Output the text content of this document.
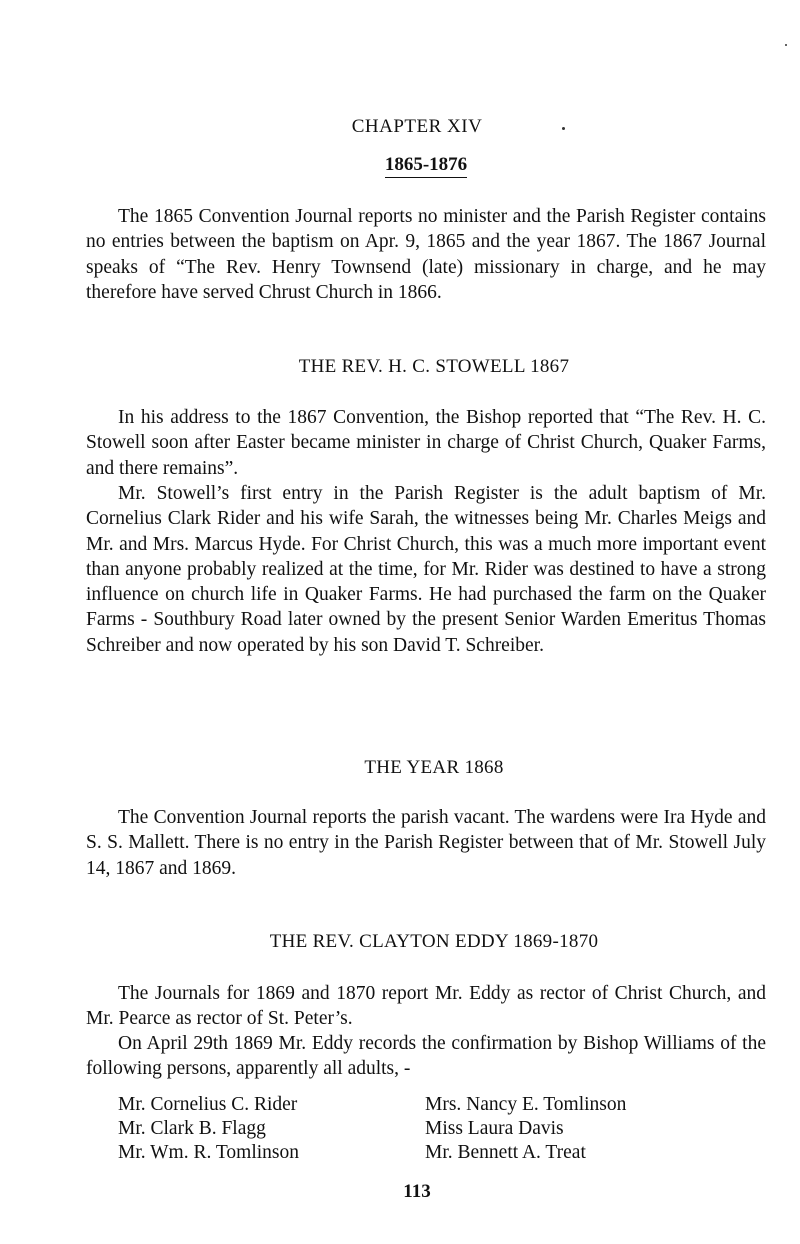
CHAPTER XIV
1865-1876
The 1865 Convention Journal reports no minister and the Parish Register contains no entries between the baptism on Apr. 9, 1865 and the year 1867. The 1867 Journal speaks of “The Rev. Henry Townsend (late) missionary in charge, and he may therefore have served Chrust Church in 1866.
THE REV. H. C. STOWELL 1867
In his address to the 1867 Convention, the Bishop reported that “The Rev. H. C. Stowell soon after Easter became minister in charge of Christ Church, Quaker Farms, and there remains”.
Mr. Stowell’s first entry in the Parish Register is the adult baptism of Mr. Cornelius Clark Rider and his wife Sarah, the witnesses being Mr. Charles Meigs and Mr. and Mrs. Marcus Hyde. For Christ Church, this was a much more important event than anyone probably realized at the time, for Mr. Rider was destined to have a strong influence on church life in Quaker Farms. He had purchased the farm on the Quaker Farms - Southbury Road later owned by the present Senior Warden Emeritus Thomas Schreiber and now operated by his son David T. Schreiber.
THE YEAR 1868
The Convention Journal reports the parish vacant. The wardens were Ira Hyde and S. S. Mallett. There is no entry in the Parish Register between that of Mr. Stowell July 14, 1867 and 1869.
THE REV. CLAYTON EDDY 1869-1870
The Journals for 1869 and 1870 report Mr. Eddy as rector of Christ Church, and Mr. Pearce as rector of St. Peter’s.
On April 29th 1869 Mr. Eddy records the confirmation by Bishop Williams of the following persons, apparently all adults, -
Mr. Cornelius C. Rider
Mr. Clark B. Flagg
Mr. Wm. R. Tomlinson
Mrs. Nancy E. Tomlinson
Miss Laura Davis
Mr. Bennett A. Treat
113
